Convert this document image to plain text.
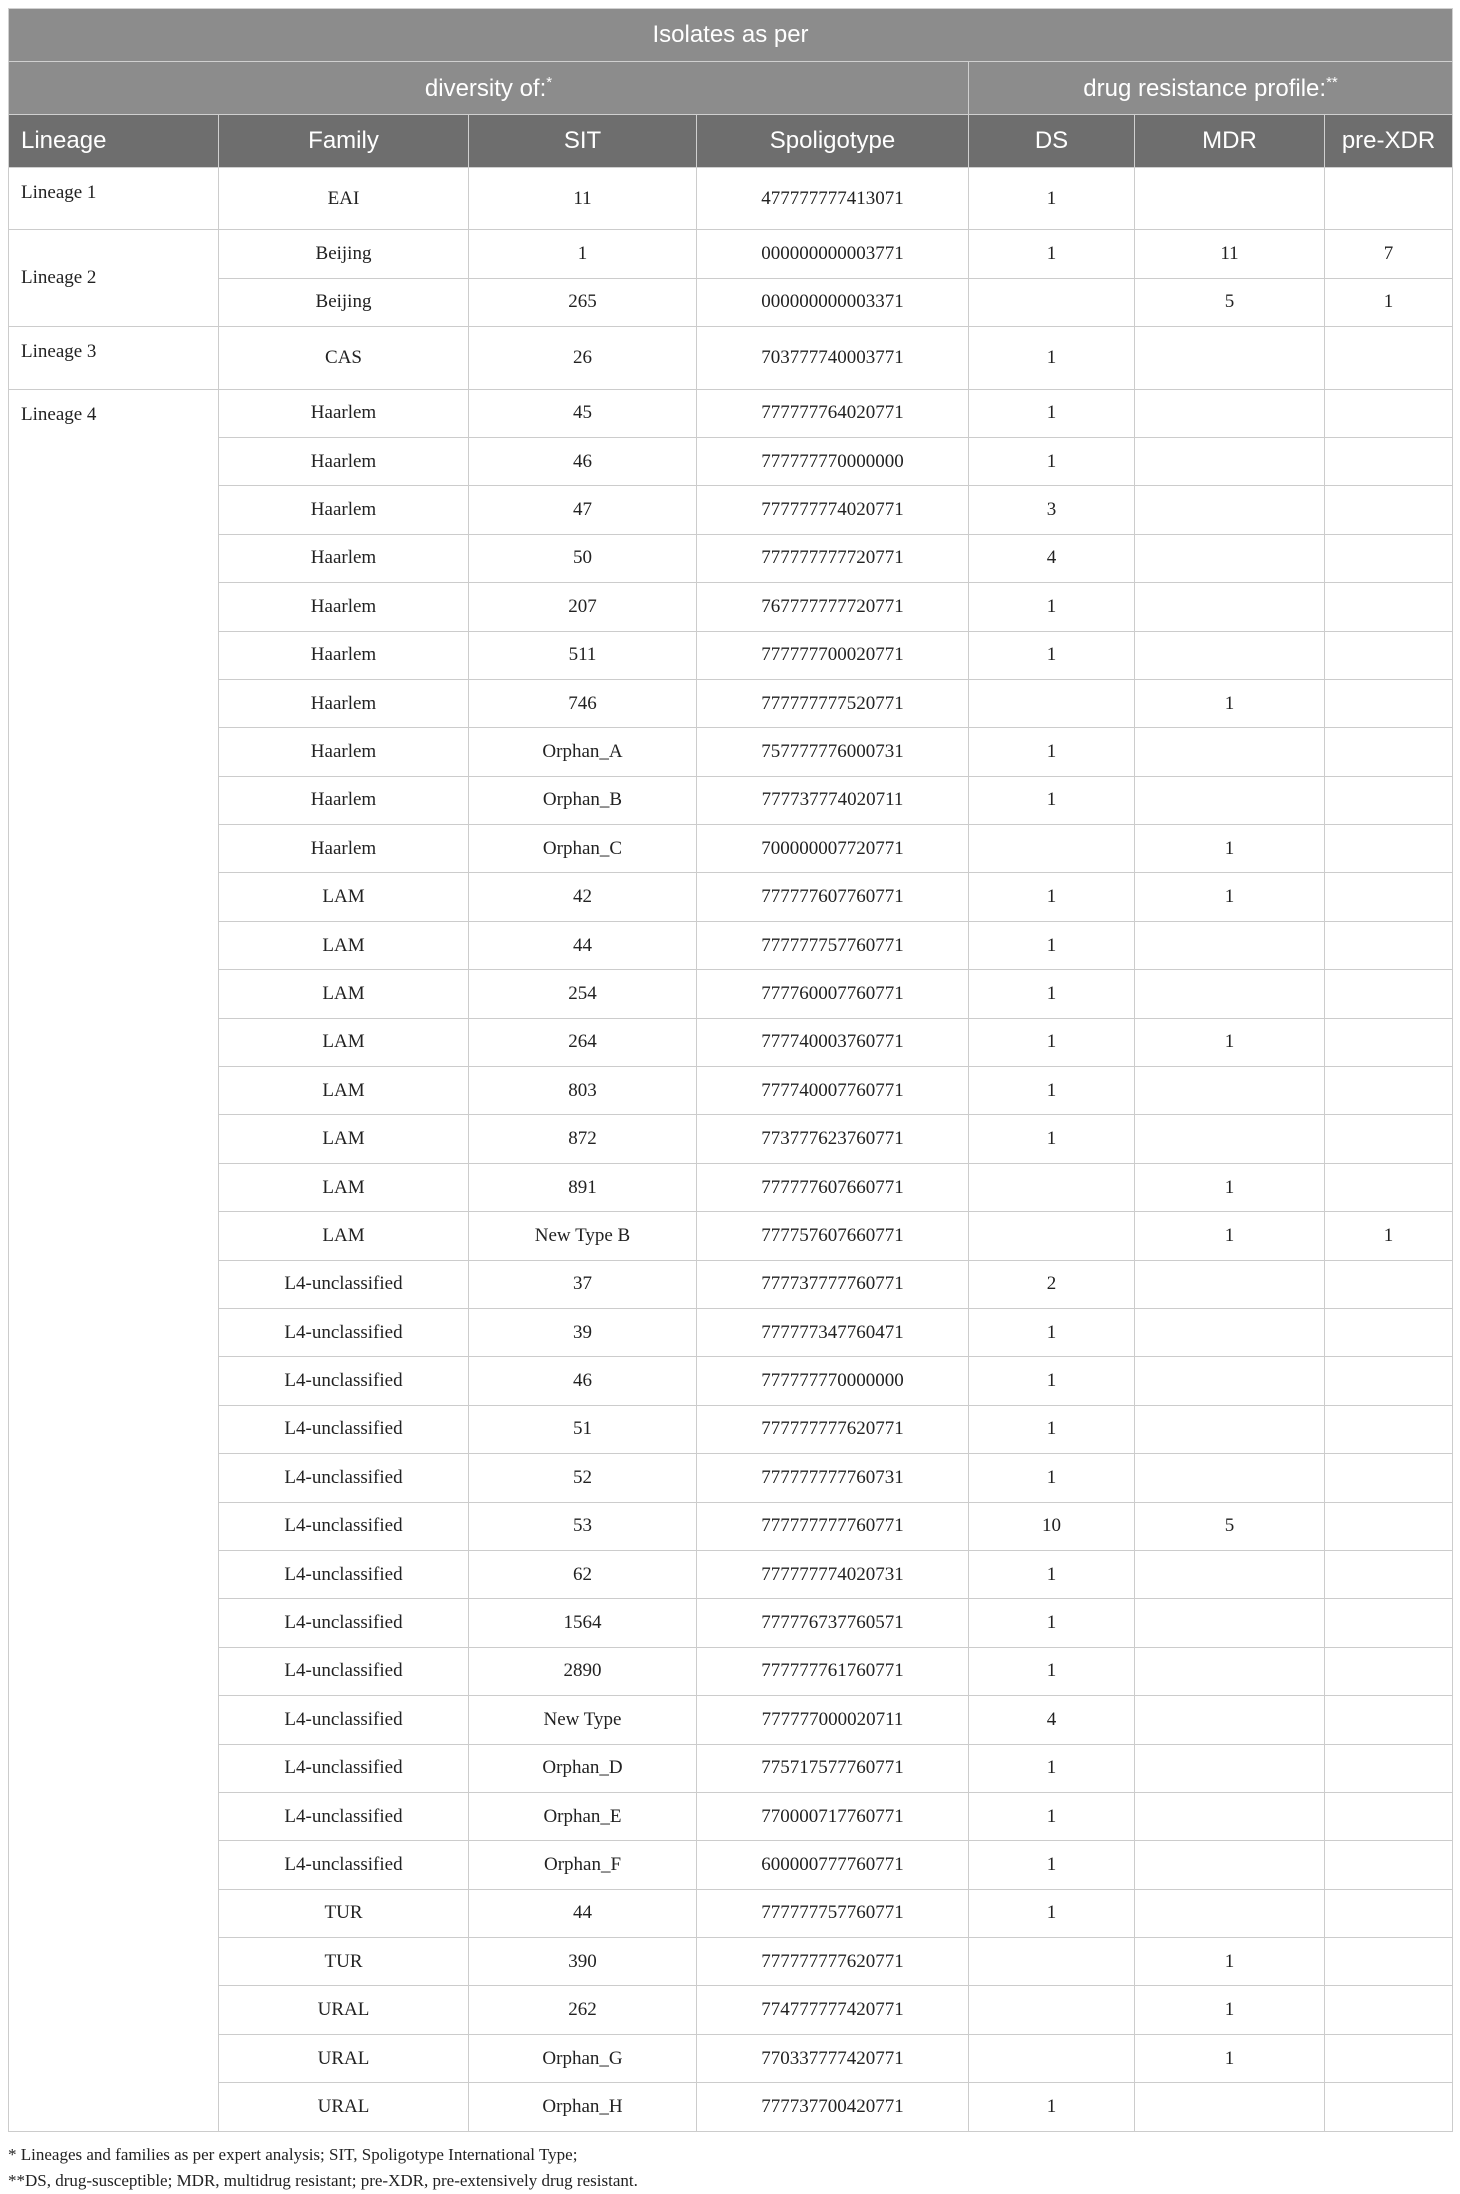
Isolates as per						
diversity of:*				drug resistance profile:**
Lineage	Family	SIT	Spoligotype	DS	MDR	pre-XDR
Lineage 1	EAI	11	477777777413071	1		
Lineage 2	Beijing	1	000000000003771	1	11	7
	Beijing	265	000000000003371		5	1
Lineage 3	CAS	26	703777740003771	1		
Lineage 4	Haarlem	45	777777764020771	1		
	Haarlem	46	777777770000000	1		
	Haarlem	47	777777774020771	3		
	Haarlem	50	777777777720771	4		
	Haarlem	207	767777777720771	1		
	Haarlem	511	777777700020771	1		
	Haarlem	746	777777777520771		1	
	Haarlem	Orphan_A	757777776000731	1		
	Haarlem	Orphan_B	777737774020711	1		
	Haarlem	Orphan_C	700000007720771		1	
	LAM	42	777777607760771	1	1	
	LAM	44	777777757760771	1		
	LAM	254	777760007760771	1		
	LAM	264	777740003760771	1	1	
	LAM	803	777740007760771	1		
	LAM	872	773777623760771	1		
	LAM	891	777777607660771		1	
	LAM	New Type B	777757607660771		1	1
	L4-unclassified	37	777737777760771	2		
	L4-unclassified	39	777777347760471	1		
	L4-unclassified	46	777777770000000	1		
	L4-unclassified	51	777777777620771	1		
	L4-unclassified	52	777777777760731	1		
	L4-unclassified	53	777777777760771	10	5	
	L4-unclassified	62	777777774020731	1		
	L4-unclassified	1564	777776737760571	1		
	L4-unclassified	2890	777777761760771	1		
	L4-unclassified	New Type	777777000020711	4		
	L4-unclassified	Orphan_D	775717577760771	1		
	L4-unclassified	Orphan_E	770000717760771	1		
	L4-unclassified	Orphan_F	600000777760771	1		
	TUR	44	777777757760771	1		
	TUR	390	777777777620771		1	
	URAL	262	774777777420771		1	
	URAL	Orphan_G	770337777420771		1	
	URAL	Orphan_H	777737700420771	1		
* Lineages and families as per expert analysis; SIT, Spoligotype International Type;
**DS, drug-susceptible; MDR, multidrug resistant; pre-XDR, pre-extensively drug resistant.
